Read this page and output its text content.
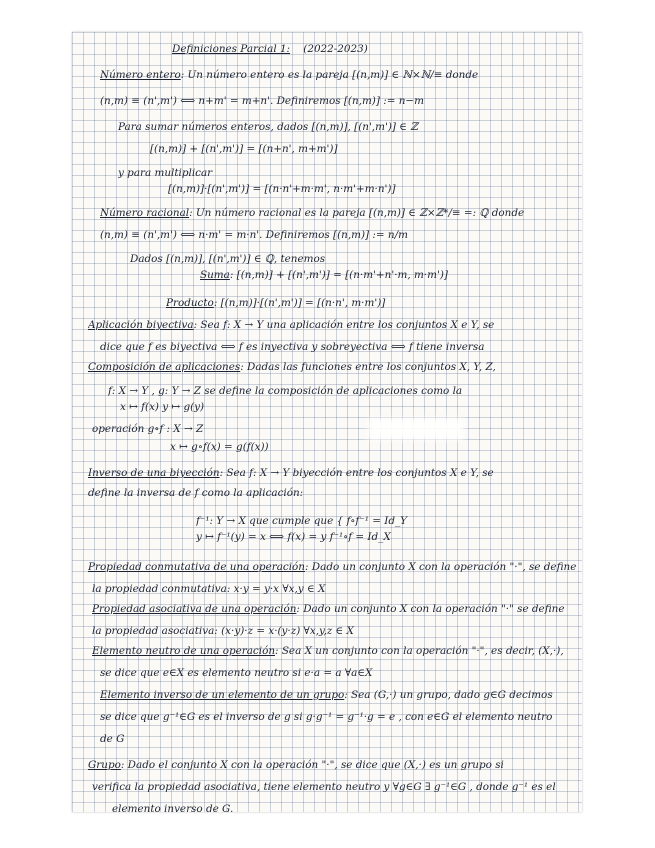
Definiciones Parcial 1: (2022-2023)
Número entero: Un número entero es la pareja [(n,m)] ∈ ℕ×ℕ/≡ donde
(n,m) ≡ (n',m') ⟺ n+m' = m+n'. Definiremos [(n,m)] := n−m
Para sumar números enteros, dados [(n,m)], [(n',m')] ∈ ℤ
[(n,m)] + [(n',m')] = [(n+n', m+m')]
y para multiplicar
[(n,m)]·[(n',m')] = [(n·n'+m·m', n·m'+m·n')]
Número racional: Un número racional es la pareja [(n,m)] ∈ ℤ×ℤ*/≡ =: ℚ donde
(n,m) ≡ (n',m') ⟺ n·m' = m·n'. Definiremos [(n,m)] := n/m
Dados [(n,m)], [(n',m')] ∈ ℚ, tenemos
Suma: [(n,m)] + [(n',m')] = [(n·m'+n'·m, m·m')]
Producto: [(n,m)]·[(n',m')] = [(n·n', m·m')]
Aplicación biyectiva: Sea f: X → Y una aplicación entre los conjuntos X e Y, se
dice que f es biyectiva ⟺ f es inyectiva y sobreyectiva ⟺ f tiene inversa
Composición de aplicaciones: Dadas las funciones entre los conjuntos X, Y, Z,
f: X → Y , g: Y → Z se define la composición de aplicaciones como la
x ↦ f(x) y ↦ g(y)
operación g∘f : X → Z
x ↦ g∘f(x) = g(f(x))
Inverso de una biyección: Sea f: X → Y biyección entre los conjuntos X e Y, se
define la inversa de f como la aplicación:
f⁻¹: Y → X que cumple que { f∘f⁻¹ = Id_Y
y ↦ f⁻¹(y) = x ⟺ f(x) = y f⁻¹∘f = Id_X
Propiedad conmutativa de una operación: Dado un conjunto X con la operación "·", se define
la propiedad conmutativa: x·y = y·x ∀x,y ∈ X
Propiedad asociativa de una operación: Dado un conjunto X con la operación "·" se define
la propiedad asociativa: (x·y)·z = x·(y·z) ∀x,y,z ∈ X
Elemento neutro de una operación: Sea X un conjunto con la operación "·", es decir, (X,·),
se dice que e∈X es elemento neutro si e·a = a ∀a∈X
Elemento inverso de un elemento de un grupo: Sea (G,·) un grupo, dado g∈G decimos
se dice que g⁻¹∈G es el inverso de g si g·g⁻¹ = g⁻¹·g = e , con e∈G el elemento neutro
de G
Grupo: Dado el conjunto X con la operación "·", se dice que (X,·) es un grupo si
verifica la propiedad asociativa, tiene elemento neutro y ∀g∈G ∃ g⁻¹∈G , donde g⁻¹ es el
elemento inverso de G.
